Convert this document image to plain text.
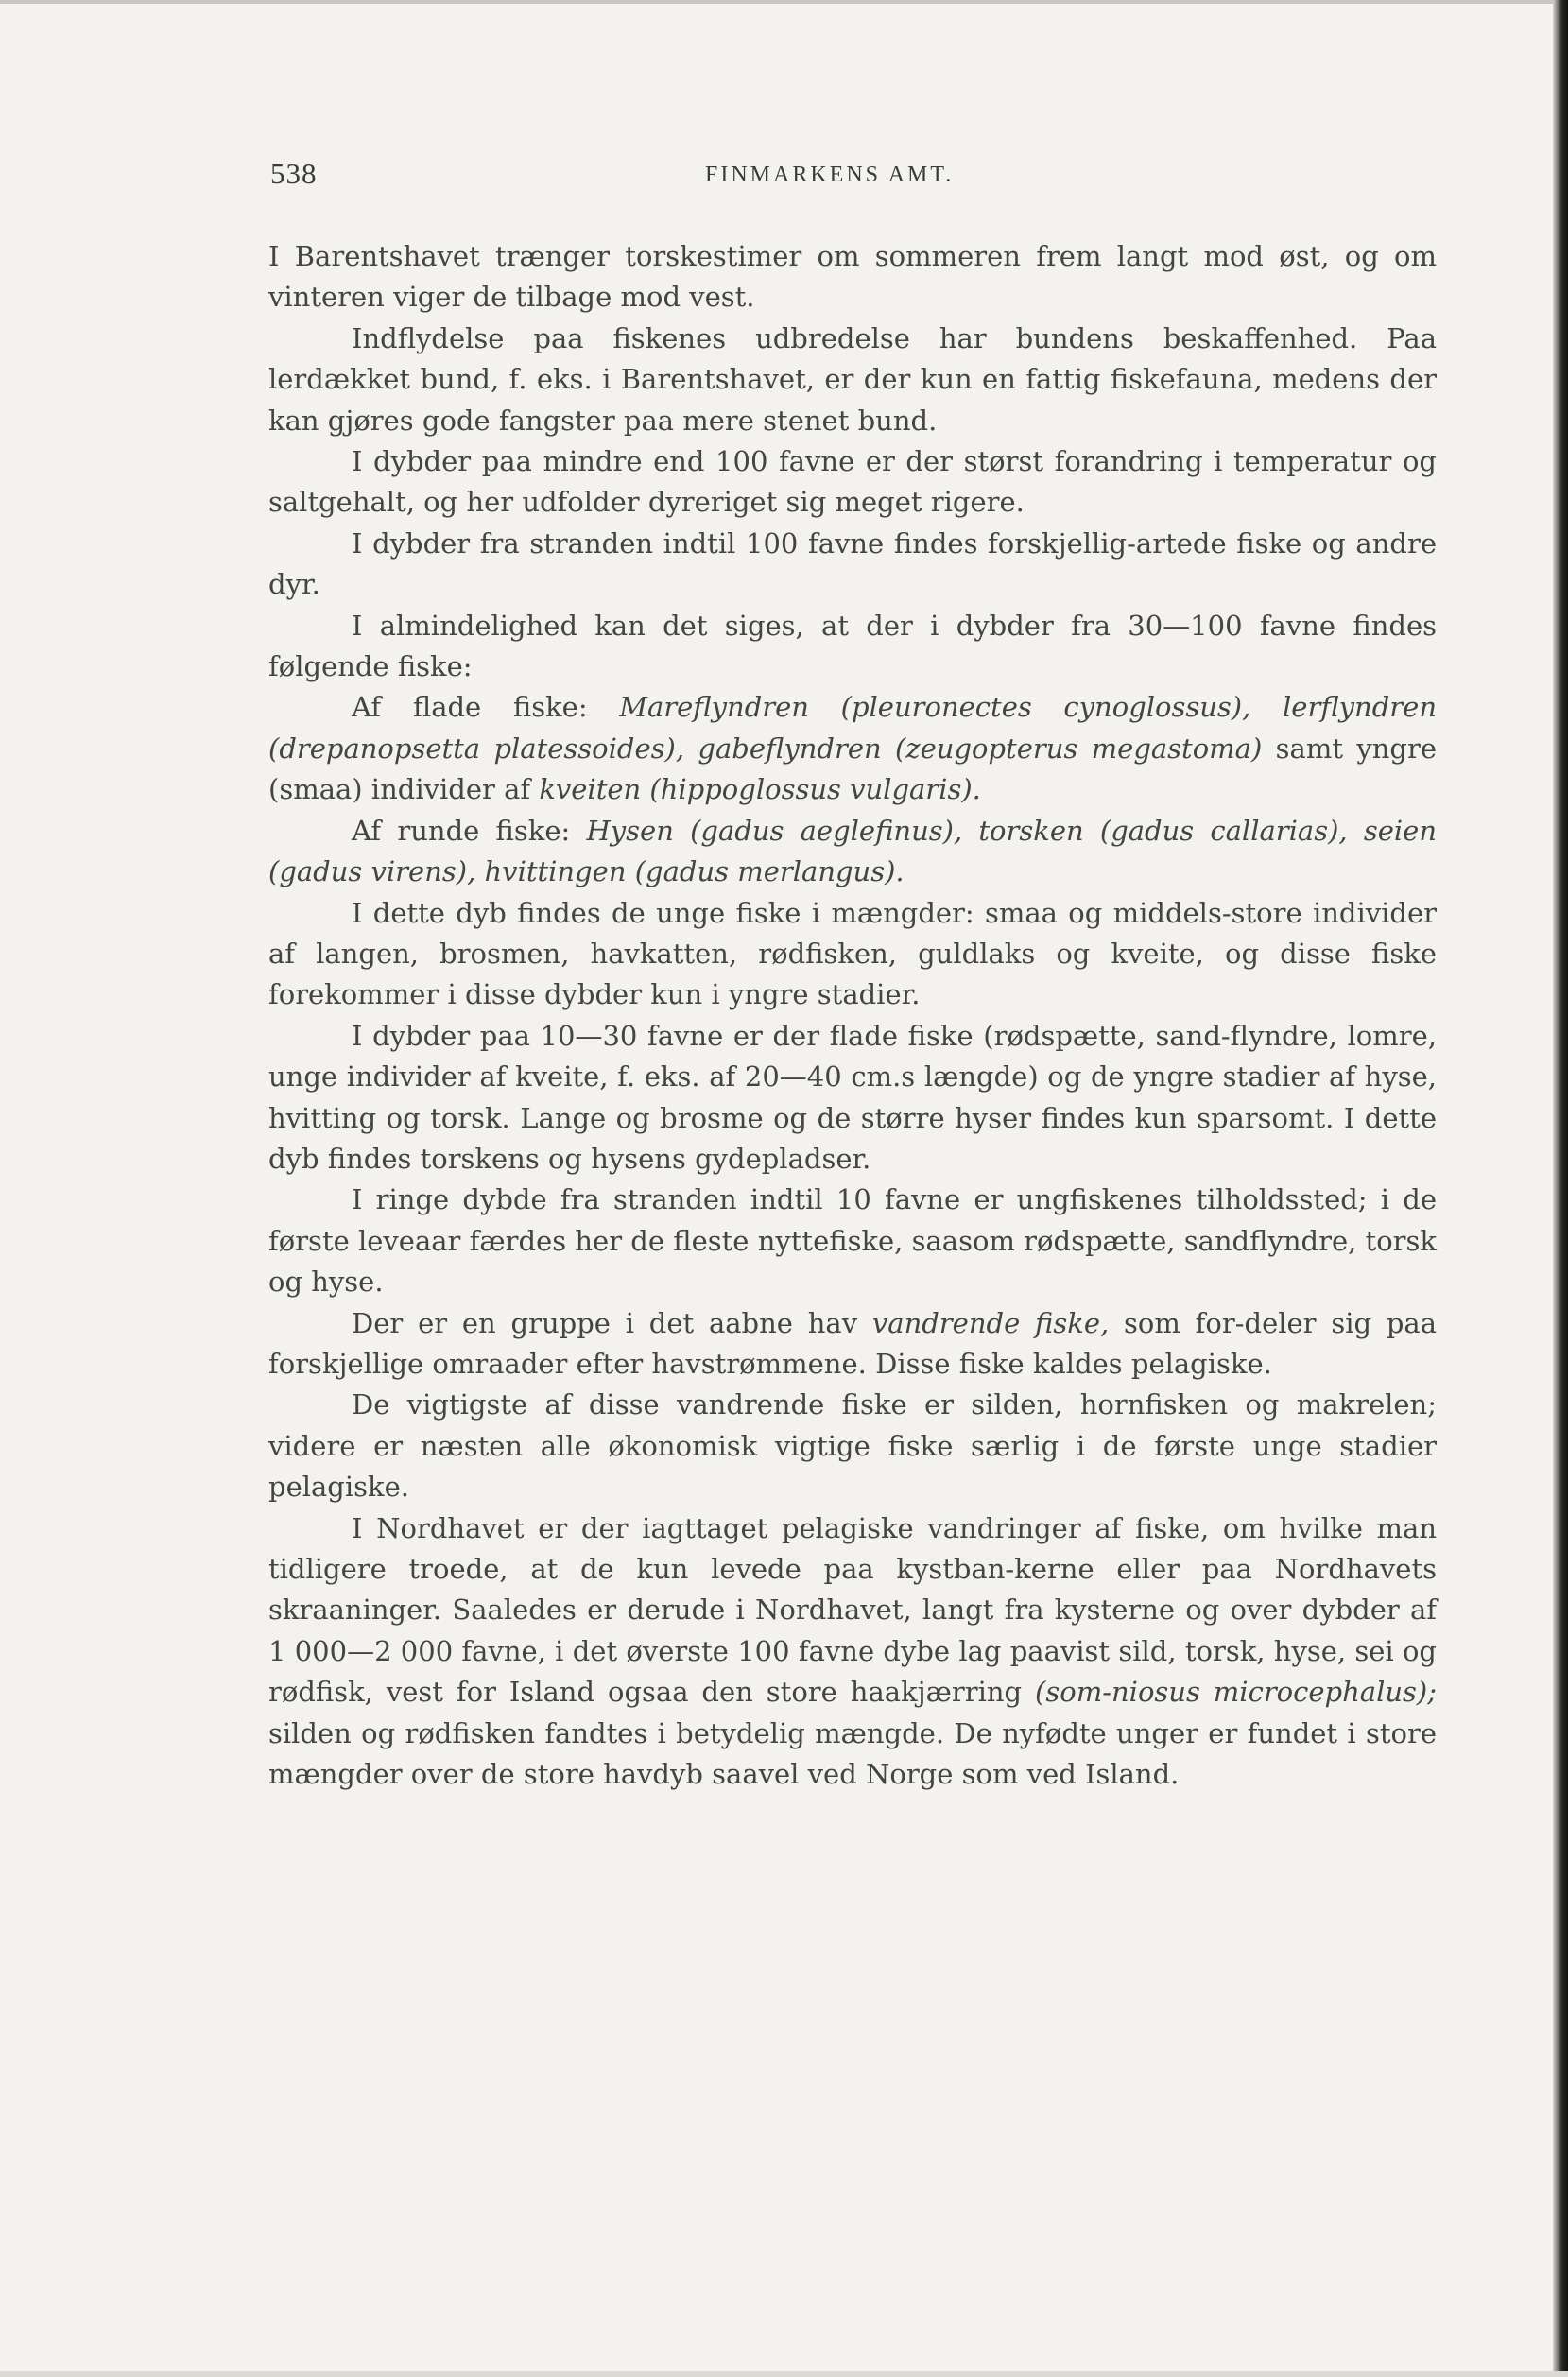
538	FINMARKENS AMT.

I Barentshavet trænger torskestimer om sommeren frem langt mod øst, og om vinteren viger de tilbage mod vest.

Indflydelse paa fiskenes udbredelse har bundens beskaffenhed. Paa lerdækket bund, f. eks. i Barentshavet, er der kun en fattig fiskefauna, medens der kan gjøres gode fangster paa mere stenet bund.

I dybder paa mindre end 100 favne er der størst forandring i temperatur og saltgehalt, og her udfolder dyreriget sig meget rigere.

I dybder fra stranden indtil 100 favne findes forskjellig-artede fiske og andre dyr.

I almindelighed kan det siges, at der i dybder fra 30—100 favne findes følgende fiske:

Af flade fiske: Mareflyndren (pleuronectes cynoglossus), lerflyndren (drepanopsetta platessoides), gabeflyndren (zeugopterus megastoma) samt yngre (smaa) individer af kveiten (hippoglossus vulgaris).

Af runde fiske: Hysen (gadus aeglefinus), torsken (gadus callarias), seien (gadus virens), hvittingen (gadus merlangus).

I dette dyb findes de unge fiske i mængder: smaa og middels-store individer af langen, brosmen, havkatten, rødfisken, guldlaks og kveite, og disse fiske forekommer i disse dybder kun i yngre stadier.

I dybder paa 10—30 favne er der flade fiske (rødspætte, sand-flyndre, lomre, unge individer af kveite, f. eks. af 20—40 cm.s længde) og de yngre stadier af hyse, hvitting og torsk. Lange og brosme og de større hyser findes kun sparsomt. I dette dyb findes torskens og hysens gydepladser.

I ringe dybde fra stranden indtil 10 favne er ungfiskenes tilholdssted; i de første leveaar færdes her de fleste nyttefiske, saasom rødspætte, sandflyndre, torsk og hyse.

Der er en gruppe i det aabne hav vandrende fiske, som for-deler sig paa forskjellige omraader efter havstrømmene. Disse fiske kaldes pelagiske.

De vigtigste af disse vandrende fiske er silden, hornfisken og makrelen; videre er næsten alle økonomisk vigtige fiske særlig i de første unge stadier pelagiske.

I Nordhavet er der iagttaget pelagiske vandringer af fiske, om hvilke man tidligere troede, at de kun levede paa kystban-kerne eller paa Nordhavets skraaninger. Saaledes er derude i Nordhavet, langt fra kysterne og over dybder af 1 000—2 000 favne, i det øverste 100 favne dybe lag paavist sild, torsk, hyse, sei og rødfisk, vest for Island ogsaa den store haakjærring (som-niosus microcephalus); silden og rødfisken fandtes i betydelig mængde. De nyfødte unger er fundet i store mængder over de store havdyb saavel ved Norge som ved Island.
